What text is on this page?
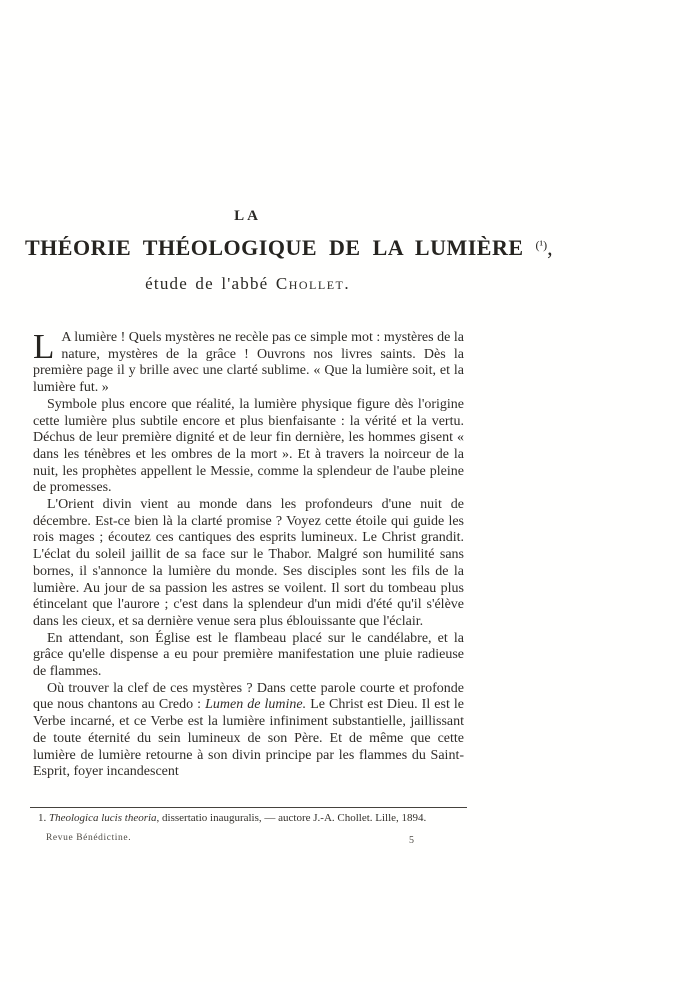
LA
THÉORIE THÉOLOGIQUE DE LA LUMIÈRE $^{(^1)}$,
étude de l'abbé Chollet.

L A lumière ! Quels mystères ne recèle pas ce simple mot : mystères de la nature, mystères de la grâce ! Ouvrons nos livres saints. Dès la première page il y brille avec une clarté sublime. « Que la lumière soit, et la lumière fut. »

Symbole plus encore que réalité, la lumière physique figure dès l'origine cette lumière plus subtile encore et plus bienfaisante : la vérité et la vertu. Déchus de leur première dignité et de leur fin dernière, les hommes gisent « dans les ténèbres et les ombres de la mort ». Et à travers la noirceur de la nuit, les prophètes appellent le Messie, comme la splendeur de l'aube pleine de promesses.

L'Orient divin vient au monde dans les profondeurs d'une nuit de décembre. Est-ce bien là la clarté promise ? Voyez cette étoile qui guide les rois mages ; écoutez ces cantiques des esprits lumineux. Le Christ grandit. L'éclat du soleil jaillit de sa face sur le Thabor. Malgré son humilité sans bornes, il s'annonce la lumière du monde. Ses disciples sont les fils de la lumière. Au jour de sa passion les astres se voilent. Il sort du tombeau plus étincelant que l'aurore ; c'est dans la splendeur d'un midi d'été qu'il s'élève dans les cieux, et sa dernière venue sera plus éblouissante que l'éclair.

En attendant, son Église est le flambeau placé sur le candélabre, et la grâce qu'elle dispense a eu pour première manifestation une pluie radieuse de flammes.

Où trouver la clef de ces mystères ? Dans cette parole courte et profonde que nous chantons au Credo : Lumen de lumine. Le Christ est Dieu. Il est le Verbe incarné, et ce Verbe est la lumière infiniment substantielle, jaillissant de toute éternité du sein lumineux de son Père. Et de même que cette lumière de lumière retourne à son divin principe par les flammes du Saint-Esprit, foyer incandescent

1. Theologica lucis theoria, dissertatio inauguralis, — auctore J.-A. Chollet. Lille, 1894.
Revue Bénédictine.	5
